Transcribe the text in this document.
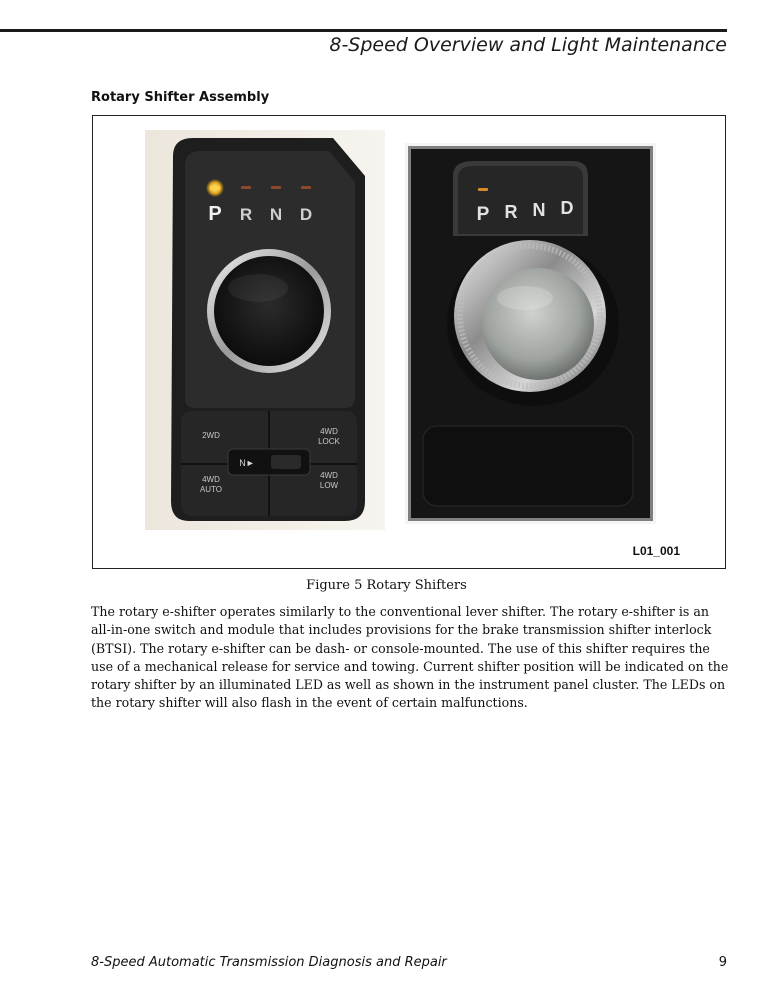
8-Speed Overview and Light Maintenance
Rotary Shifter Assembly
P R N D
N►
2WD	4WD
LOCK
4WD
AUTO
4WD
LOW
P R N D
L01_001
Figure 5 Rotary Shifters

The rotary e-shifter operates similarly to the conventional lever shifter. The rotary e-shifter is an all-in-one switch and module that includes provisions for the brake transmission shifter interlock (BTSI). The rotary e-shifter can be dash- or console-mounted. The use of this shifter requires the use of a mechanical release for service and towing. Current shifter position will be indicated on the rotary shifter by an illuminated LED as well as shown in the instrument panel cluster. The LEDs on the rotary shifter will also flash in the event of certain malfunctions.

8-Speed Automatic Transmission Diagnosis and Repair	9
